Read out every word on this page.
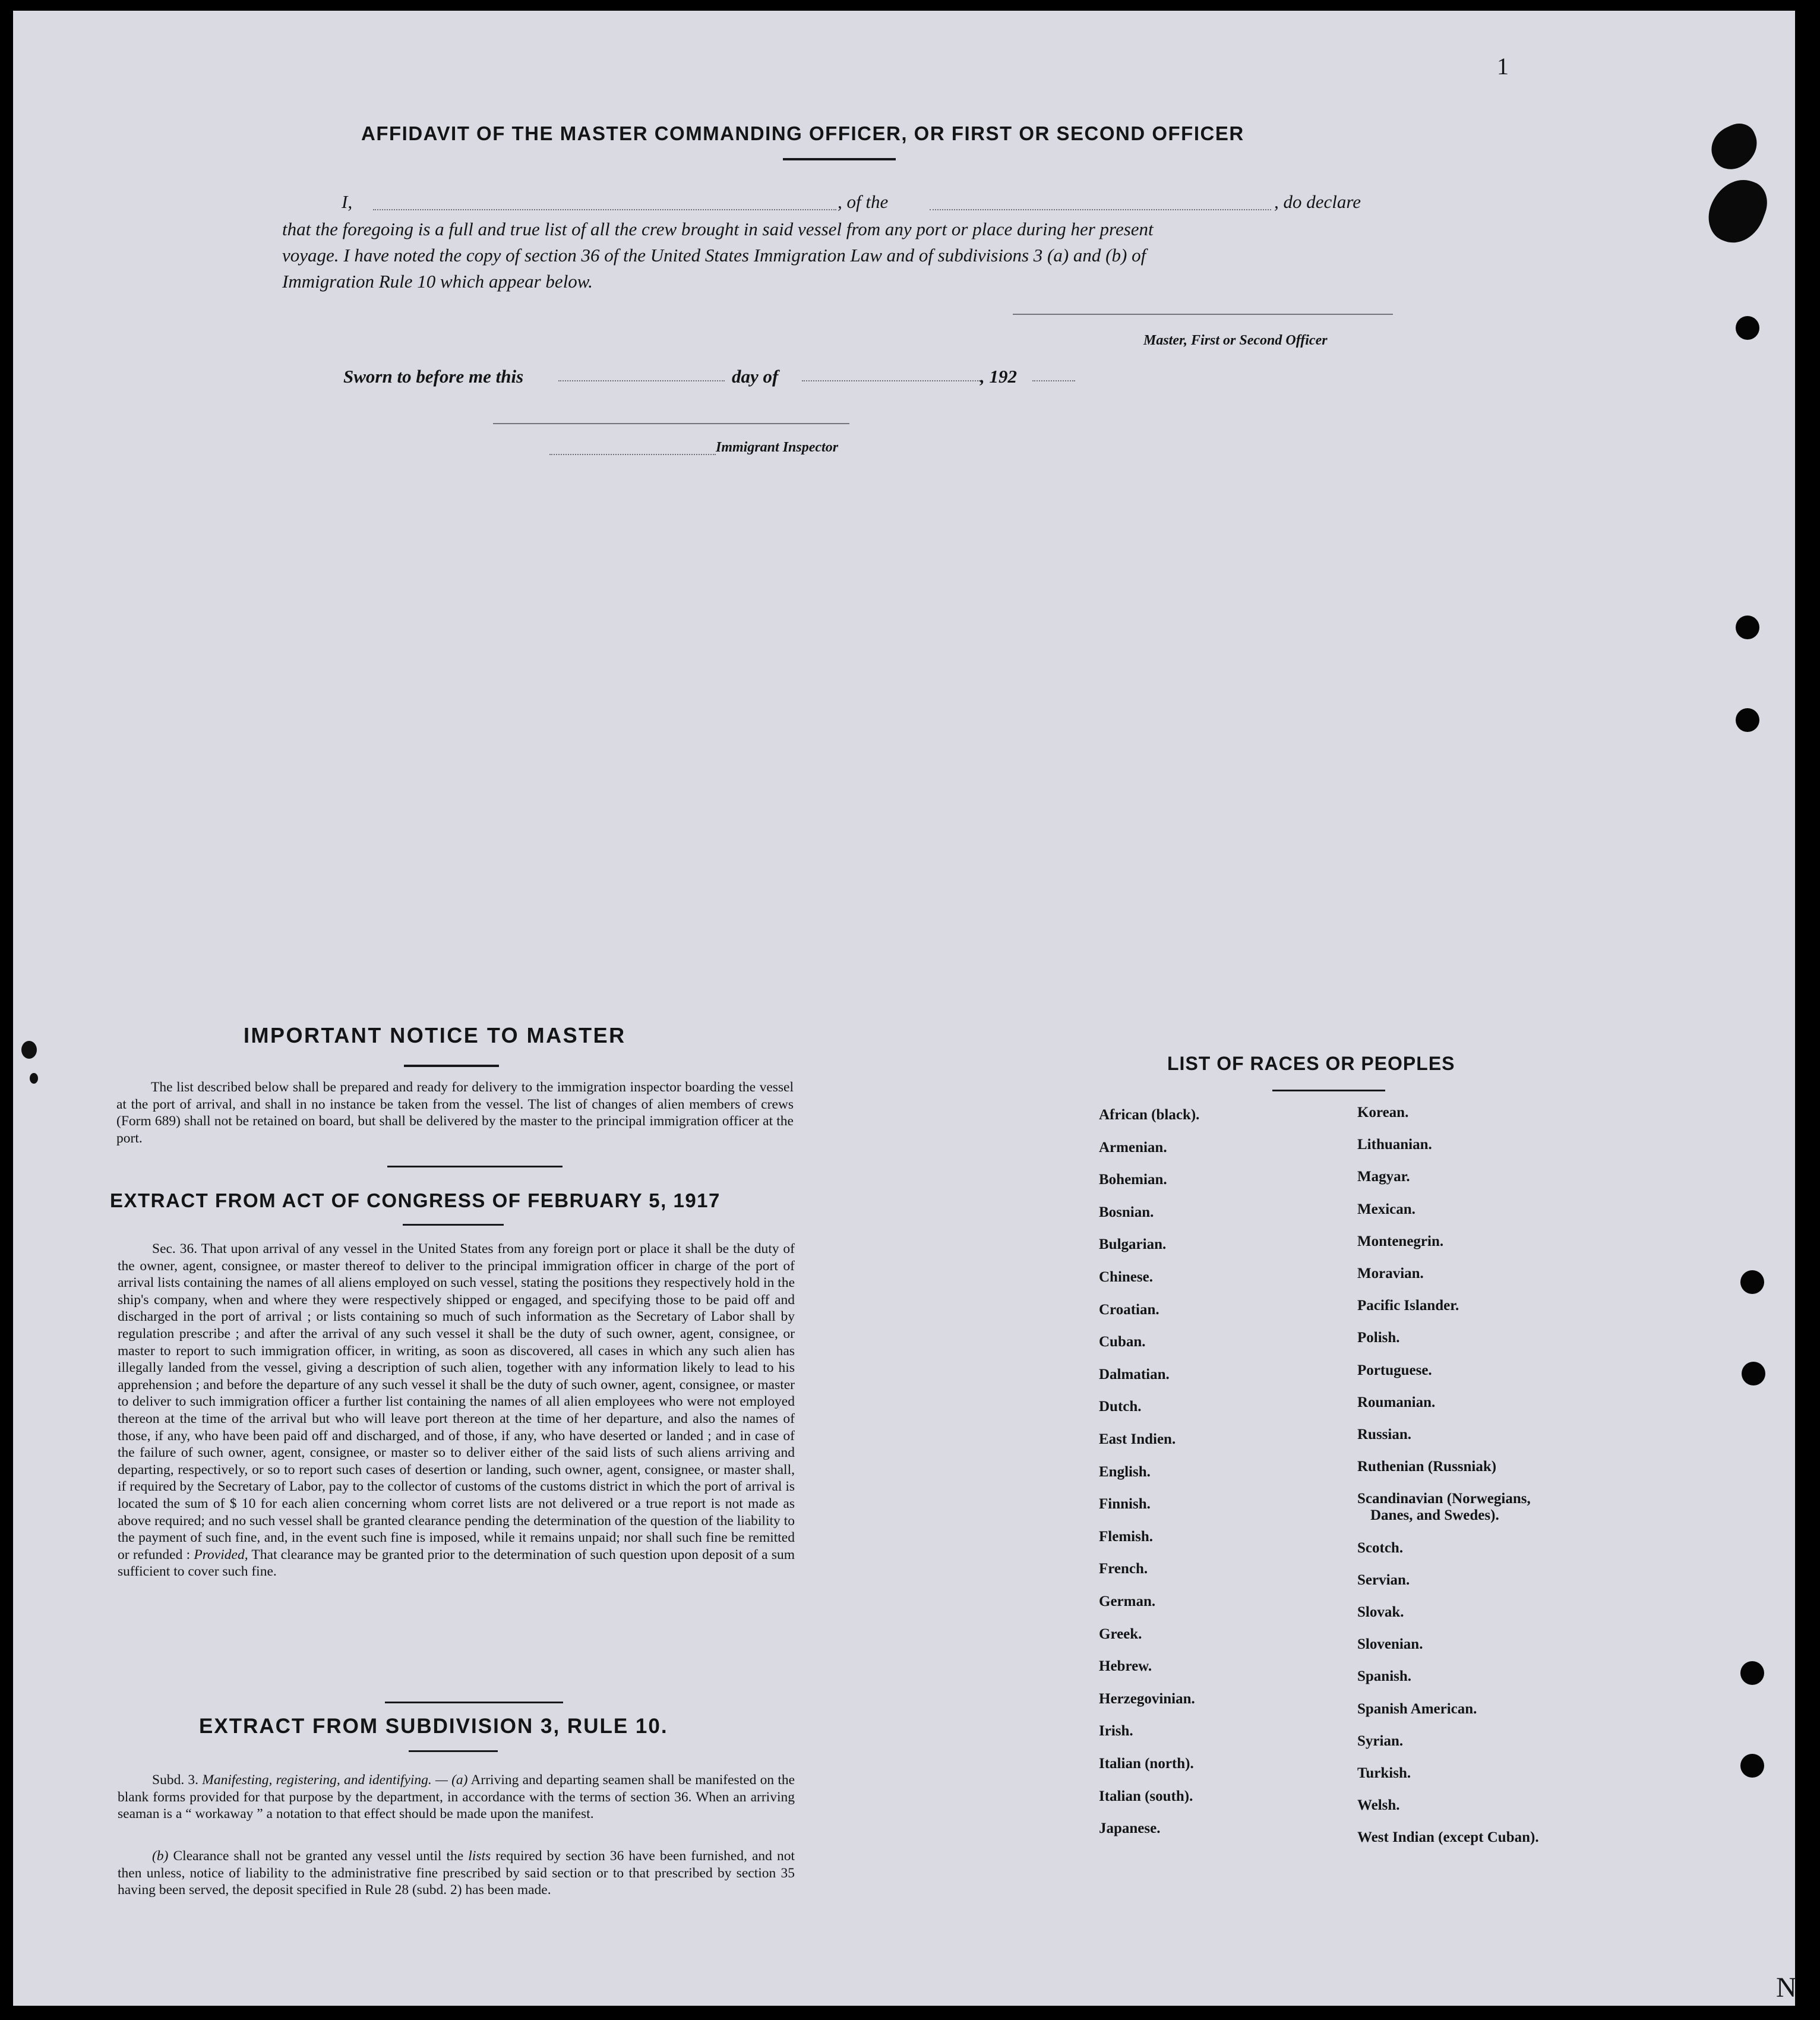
1
N
AFFIDAVIT OF THE MASTER COMMANDING OFFICER, OR FIRST OR SECOND OFFICER
I,	, of the	, do declare
that the foregoing is a full and true list of all the crew brought in said vessel from any port or place during her present
voyage. I have noted the copy of section 36 of the United States Immigration Law and of subdivisions 3 (a) and (b) of
Immigration Rule 10 which appear below.
Master, First or Second Officer
Sworn to before me this	day of	, 192
Immigrant Inspector
IMPORTANT NOTICE TO MASTER
The list described below shall be prepared and ready for delivery to the immigration inspector boarding the vessel at the port of arrival, and shall in no instance be taken from the vessel. The list of changes of alien members of crews (Form 689) shall not be retained on board, but shall be delivered by the master to the principal immigration officer at the port.
EXTRACT FROM ACT OF CONGRESS OF FEBRUARY 5, 1917
Sec. 36. That upon arrival of any vessel in the United States from any foreign port or place it shall be the duty of the owner, agent, consignee, or master thereof to deliver to the principal immigration officer in charge of the port of arrival lists containing the names of all aliens employed on such vessel, stating the positions they respectively hold in the ship's company, when and where they were respectively shipped or engaged, and specifying those to be paid off and discharged in the port of arrival ; or lists containing so much of such information as the Secretary of Labor shall by regulation prescribe ; and after the arrival of any such vessel it shall be the duty of such owner, agent, consignee, or master to report to such immigration officer, in writing, as soon as discovered, all cases in which any such alien has illegally landed from the vessel, giving a description of such alien, together with any information likely to lead to his apprehension ; and before the departure of any such vessel it shall be the duty of such owner, agent, consignee, or master to deliver to such immigration officer a further list containing the names of all alien employees who were not employed thereon at the time of the arrival but who will leave port thereon at the time of her departure, and also the names of those, if any, who have been paid off and discharged, and of those, if any, who have deserted or landed ; and in case of the failure of such owner, agent, consignee, or master so to deliver either of the said lists of such aliens arriving and departing, respectively, or so to report such cases of desertion or landing, such owner, agent, consignee, or master shall, if required by the Secretary of Labor, pay to the collector of customs of the customs district in which the port of arrival is located the sum of $ 10 for each alien concerning whom corret lists are not delivered or a true report is not made as above required; and no such vessel shall be granted clearance pending the determination of the question of the liability to the payment of such fine, and, in the event such fine is imposed, while it remains unpaid; nor shall such fine be remitted or refunded : Provided, That clearance may be granted prior to the determination of such question upon deposit of a sum sufficient to cover such fine.
EXTRACT FROM SUBDIVISION 3, RULE 10.
Subd. 3. Manifesting, registering, and identifying. — (a) Arriving and departing seamen shall be manifested on the blank forms provided for that purpose by the department, in accordance with the terms of section 36. When an arriving seaman is a “ workaway ” a notation to that effect should be made upon the manifest.
(b) Clearance shall not be granted any vessel until the lists required by section 36 have been furnished, and not then unless, notice of liability to the administrative fine prescribed by said section or to that prescribed by section 35 having been served, the deposit specified in Rule 28 (subd. 2) has been made.
LIST OF RACES OR PEOPLES
African (black).
Armenian.
Bohemian.
Bosnian.
Bulgarian.
Chinese.
Croatian.
Cuban.
Dalmatian.
Dutch.
East Indien.
English.
Finnish.
Flemish.
French.
German.
Greek.
Hebrew.
Herzegovinian.
Irish.
Italian (north).
Italian (south).
Japanese.
Korean.
Lithuanian.
Magyar.
Mexican.
Montenegrin.
Moravian.
Pacific Islander.
Polish.
Portuguese.
Roumanian.
Russian.
Ruthenian (Russniak)
Scandinavian (Norwegians,
Danes, and Swedes).
Scotch.
Servian.
Slovak.
Slovenian.
Spanish.
Spanish American.
Syrian.
Turkish.
Welsh.
West Indian (except Cuban).
